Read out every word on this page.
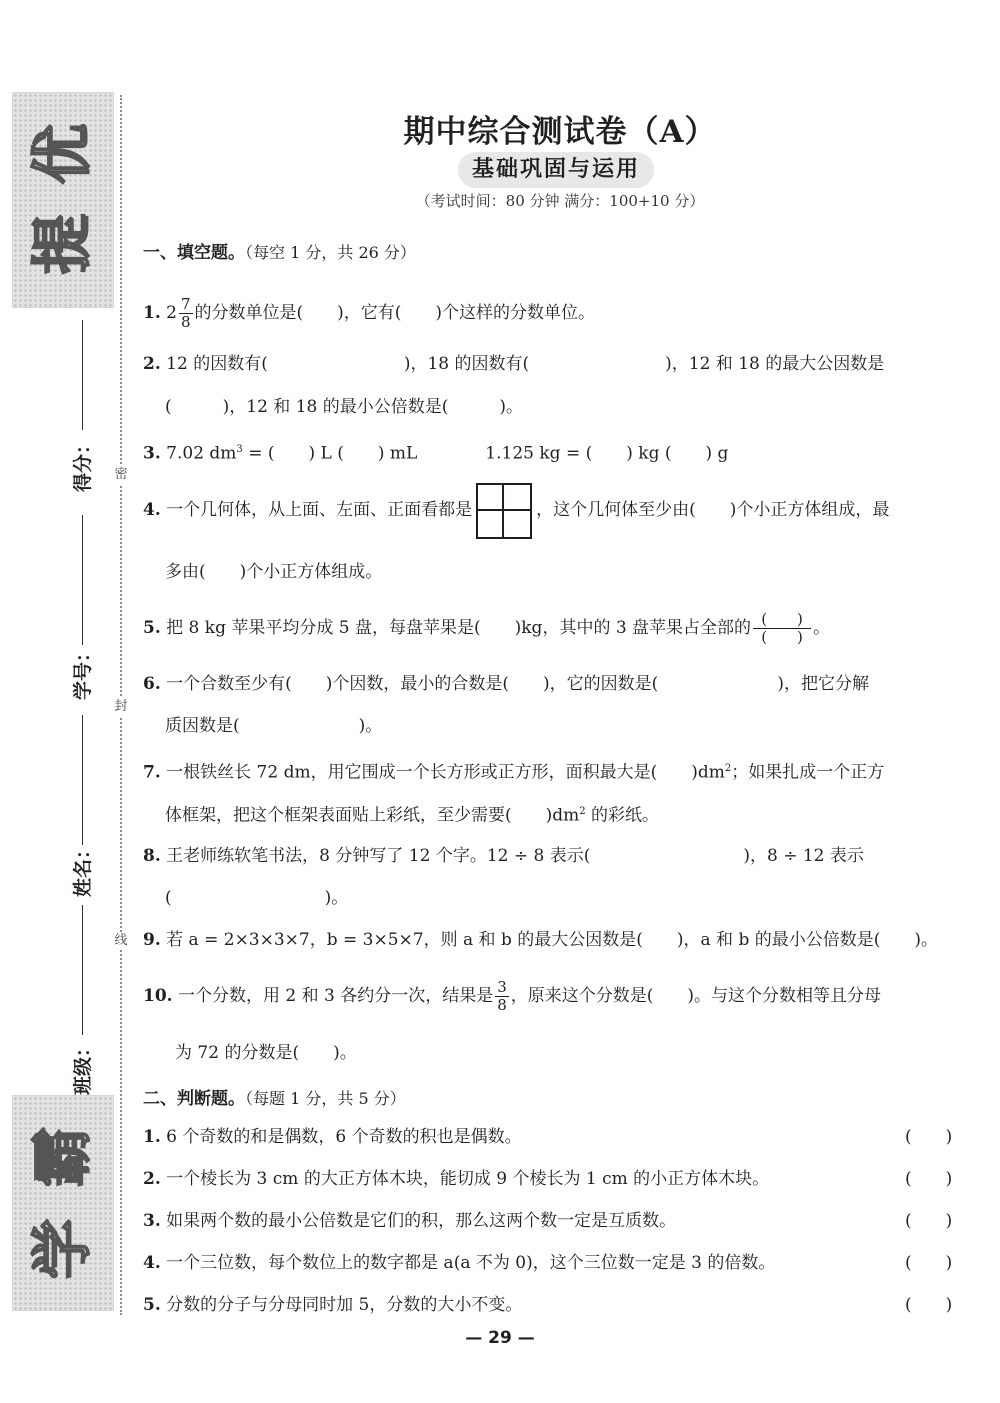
优
提
学
霸
密
封
线
得分：
学号：
姓名：
班级：
期中综合测试卷（A）
基础巩固与运用
（考试时间：80 分钟 满分：100+10 分）
一、填空题。（每空 1 分，共 26 分）
1. $2 \frac{7}{8}$ 的分数单位是(　　)，它有(　　)个这样的分数单位。
2. 12 的因数有(　　　　　　　　)，18 的因数有(　　　　　　　　)，12 和 18 的最大公因数是
(　　　)，12 和 18 的最小公倍数是(　　　)。
3. 7.02 $dm^3$ = (　　) L (　　) mL　　　　1.125 kg = (　　) kg (　　) g
4. 一个几何体，从上面、左面、正面看都是	，这个几何体至少由(　　)个小正方体组成，最
多由(　　)个小正方体组成。
5. 把 8 kg 苹果平均分成 5 盘，每盘苹果是(　　)kg，其中的 3 盘苹果占全部的 $\frac{( )}{( )}$ 。
6. 一个合数至少有(　　)个因数，最小的合数是(　　)，它的因数是(　　　　　　　)，把它分解
质因数是(　　　　　　　)。
7. 一根铁丝长 72 dm，用它围成一个长方形或正方形，面积最大是(　　)$dm^2$；如果扎成一个正方
体框架，把这个框架表面贴上彩纸，至少需要(　　)$dm^2$ 的彩纸。
8. 王老师练软笔书法，8 分钟写了 12 个字。12 ÷ 8 表示(　　　　　　　　　)，8 ÷ 12 表示
(　　　　　　　　　)。
9. 若 a = 2×3×3×7，b = 3×5×7，则 a 和 b 的最大公因数是(　　)，a 和 b 的最小公倍数是(　　)。
10. 一个分数，用 2 和 3 各约分一次，结果是 $\frac{3}{8}$ ，原来这个分数是(　　)。与这个分数相等且分母
为 72 的分数是(　　)。
二、判断题。（每题 1 分，共 5 分）
1. 6 个奇数的和是偶数，6 个奇数的积也是偶数。	(　　)
2. 一个棱长为 3 cm 的大正方体木块，能切成 9 个棱长为 1 cm 的小正方体木块。	(　　)
3. 如果两个数的最小公倍数是它们的积，那么这两个数一定是互质数。	(　　)
4. 一个三位数，每个数位上的数字都是 a(a 不为 0)，这个三位数一定是 3 的倍数。	(　　)
5. 分数的分子与分母同时加 5，分数的大小不变。	(　　)
— 29 —
